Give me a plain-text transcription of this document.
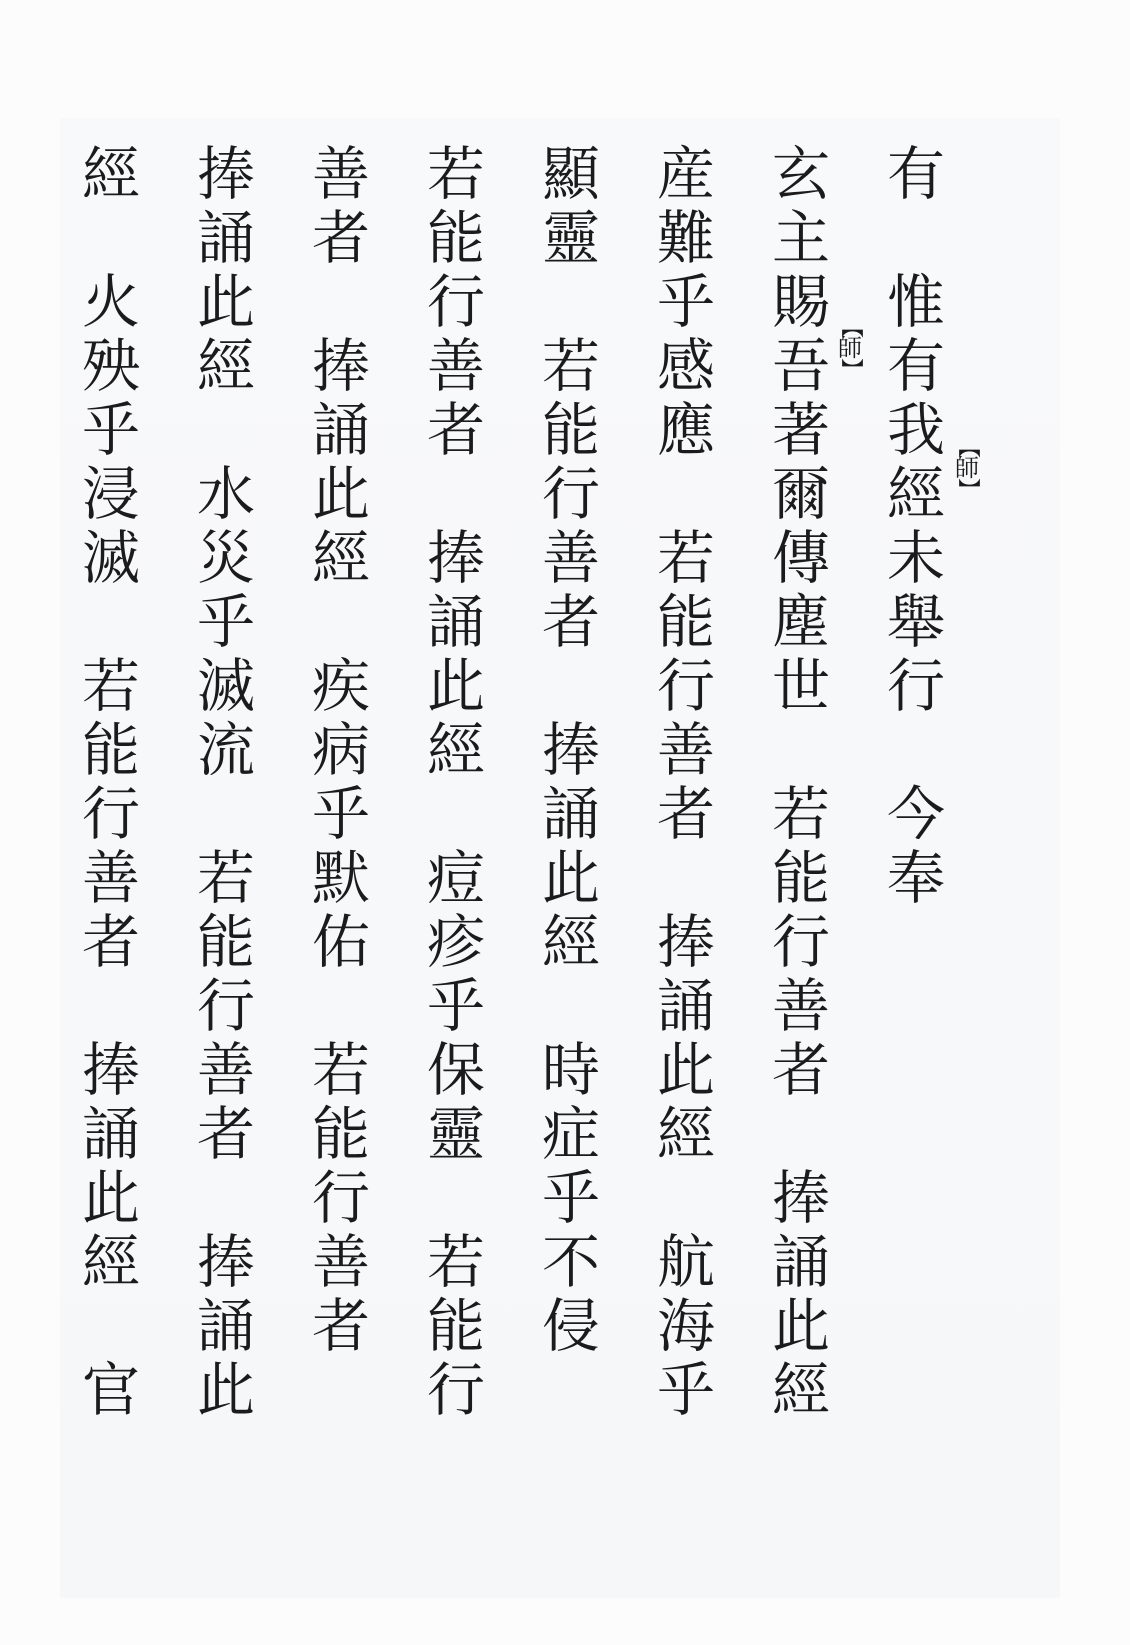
有
惟
有
我
經
未
舉
行
今
奉
玄
主
賜
吾
著
爾
傳
塵
世
若
能
行
善
者
捧
誦
此
經
産
難
乎
感
應
若
能
行
善
者
捧
誦
此
經
航
海
乎
顯
靈
若
能
行
善
者
捧
誦
此
經
時
症
乎
不
侵
若
能
行
善
者
捧
誦
此
經
痘
疹
乎
保
靈
若
能
行
善
者
捧
誦
此
經
疾
病
乎
默
佑
若
能
行
善
者
捧
誦
此
經
水
災
乎
滅
流
若
能
行
善
者
捧
誦
此
經
火
殃
乎
浸
滅
若
能
行
善
者
捧
誦
此
經
官
【
師
】
【
師
】
